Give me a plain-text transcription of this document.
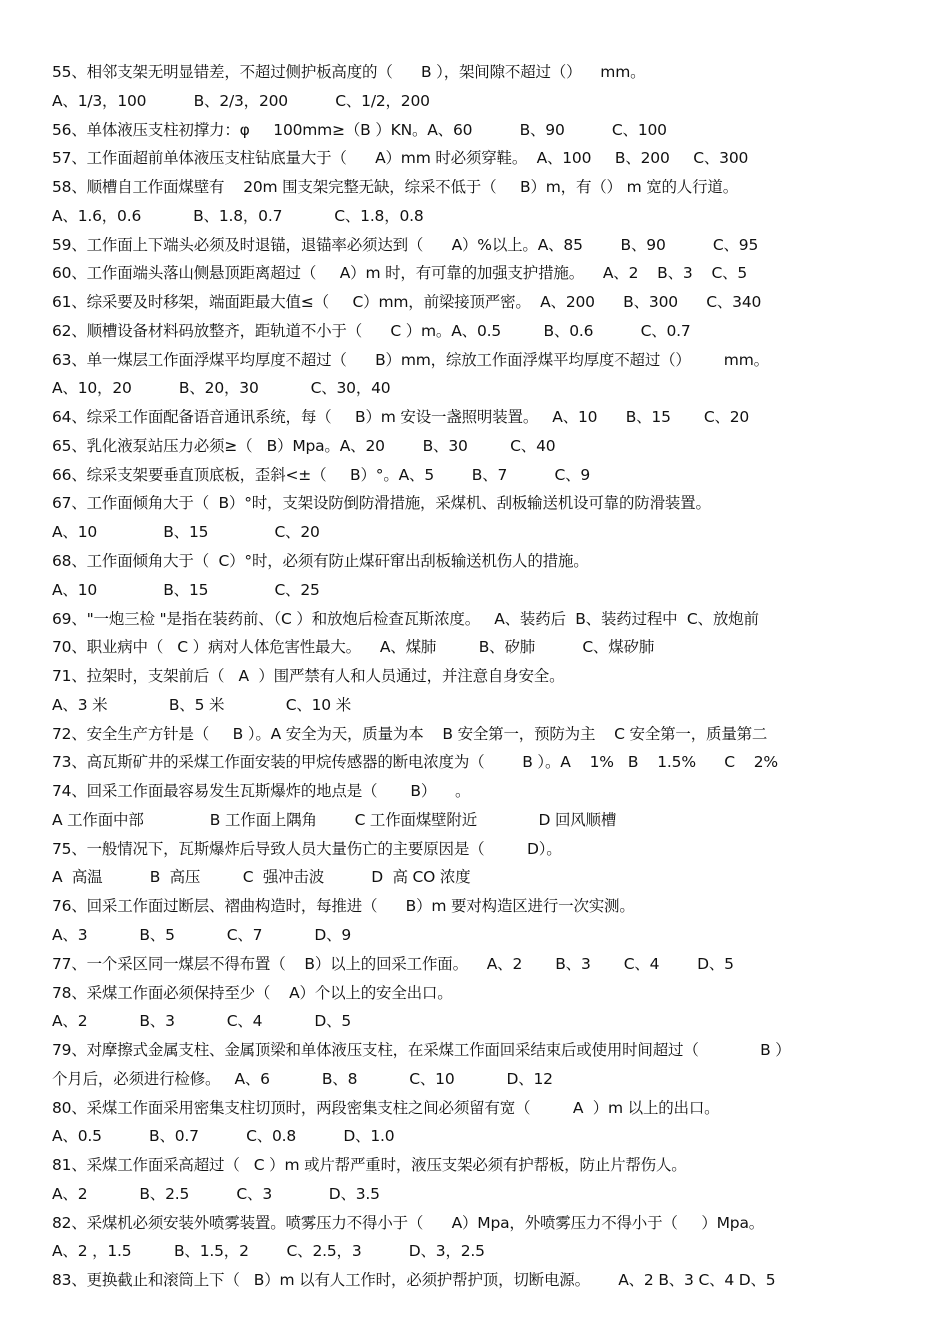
55、相邻支架无明显错差，不超过侧护板高度的（      B ），架间隙不超过（）    mm。
A、1/3，100          B、2/3，200          C、1/2，200
56、单体液压支柱初撑力：φ     100mm≥（B ）KN。A、60          B、90          C、100
57、工作面超前单体液压支柱钻底量大于（      A）mm 时必须穿鞋。  A、100     B、200     C、300
58、顺槽自工作面煤壁有    20m 围支架完整无缺，综采不低于（     B）m，有（） m 宽的人行道。
A、1.6，0.6           B、1.8，0.7           C、1.8，0.8
59、工作面上下端头必须及时退锚，退锚率必须达到（      A）%以上。A、85        B、90          C、95
60、工作面端头落山侧悬顶距离超过（     A）m 时，有可靠的加强支护措施。    A、2    B、3    C、5
61、综采要及时移架，端面距最大值≤（     C）mm，前梁接顶严密。  A、200      B、300      C、340
62、顺槽设备材料码放整齐，距轨道不小于（      C ）m。A、0.5         B、0.6          C、0.7
63、单一煤层工作面浮煤平均厚度不超过（      B）mm，综放工作面浮煤平均厚度不超过（）       mm。
A、10，20          B、20，30           C、30，40
64、综采工作面配备语音通讯系统，每（     B）m 安设一盏照明装置。   A、10      B、15       C、20
65、乳化液泵站压力必须≥（   B）Mpa。A、20        B、30         C、40
66、综采支架要垂直顶底板，歪斜<±（     B）°。A、5        B、7          C、9
67、工作面倾角大于（  B）°时，支架设防倒防滑措施，采煤机、刮板输送机设可靠的防滑装置。
A、10              B、15              C、20
68、工作面倾角大于（  C）°时，必须有防止煤矸窜出刮板输送机伤人的措施。
A、10              B、15              C、25
69、"一炮三检 "是指在装药前、（C ）和放炮后检查瓦斯浓度。   A、装药后  B、装药过程中  C、放炮前
70、职业病中（   C ）病对人体危害性最大。    A、煤肺         B、矽肺          C、煤矽肺
71、拉架时，支架前后（   A  ）围严禁有人和人员通过，并注意自身安全。
A、3 米             B、5 米             C、10 米
72、安全生产方针是（     B ）。A 安全为天，质量为本    B 安全第一，预防为主    C 安全第一，质量第二
73、高瓦斯矿井的采煤工作面安装的甲烷传感器的断电浓度为（        B ）。A    1%   B    1.5%      C    2%
74、回采工作面最容易发生瓦斯爆炸的地点是（       B）    。
A 工作面中部              B 工作面上隅角        C 工作面煤壁附近             D 回风顺槽
75、一般情况下，瓦斯爆炸后导致人员大量伤亡的主要原因是（         D）。
A  高温          B  高压         C  强冲击波          D  高 CO 浓度
76、回采工作面过断层、褶曲构造时，每推进（      B）m 要对构造区进行一次实测。
A、3           B、5           C、7           D、9
77、一个采区同一煤层不得布置（    B）以上的回采工作面。    A、2       B、3       C、4        D、5
78、采煤工作面必须保持至少（    A）个以上的安全出口。
A、2           B、3           C、4           D、5
79、对摩擦式金属支柱、金属顶梁和单体液压支柱，在采煤工作面回采结束后或使用时间超过（             B ）
个月后，必须进行检修。   A、6           B、8           C、10           D、12
80、采煤工作面采用密集支柱切顶时，两段密集支柱之间必须留有宽（         A  ）m 以上的出口。
A、0.5          B、0.7          C、0.8          D、1.0
81、采煤工作面采高超过（   C ）m 或片帮严重时，液压支架必须有护帮板，防止片帮伤人。
A、2           B、2.5          C、3            D、3.5
82、采煤机必须安装外喷雾装置。喷雾压力不得小于（      A）Mpa，外喷雾压力不得小于（     ）Mpa。
A、2 ，1.5         B、1.5，2        C、2.5，3          D、3，2.5
83、更换截止和滚筒上下（   B）m 以有人工作时，必须护帮护顶，切断电源。      A、2 B、3 C、4 D、5
